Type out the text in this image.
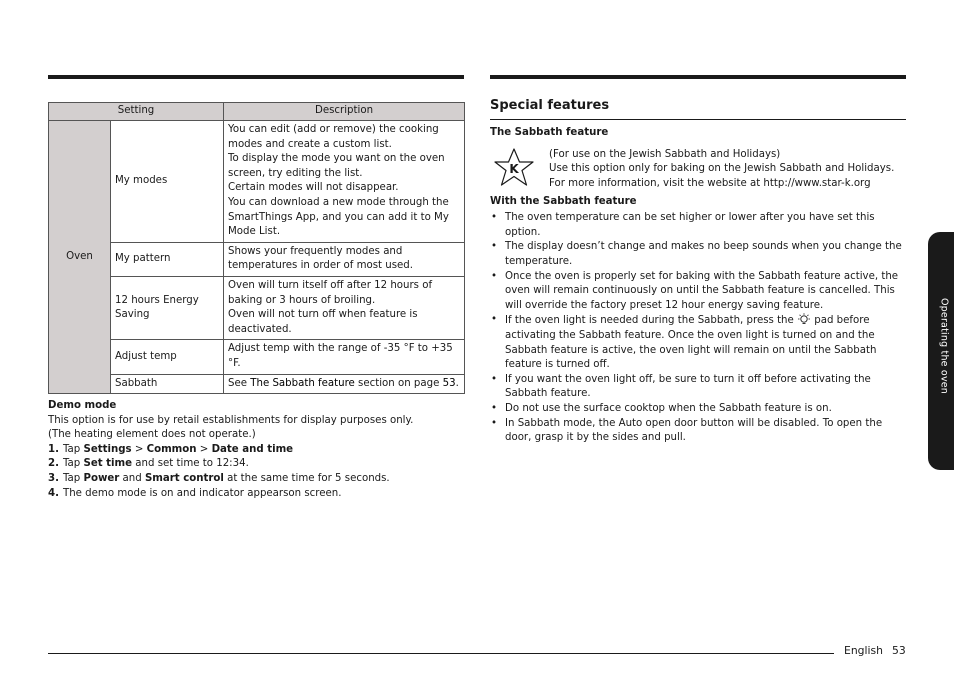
Setting		Description
Oven	My modes	You can edit (add or remove) the cooking modes and create a custom list.
To display the mode you want on the oven screen, try editing the list.
Certain modes will not disappear.
You can download a new mode through the SmartThings App, and you can add it to My Mode List.

	My pattern	Shows your frequently modes and temperatures in order of most used.

	12 hours Energy Saving	Oven will turn itself off after 12 hours of baking or 3 hours of broiling.
Oven will not turn off when feature is deactivated.

	Adjust temp	Adjust temp with the range of -35 °F to +35 °F.

	Sabbath	See The Sabbath feature section on page 53.
Demo mode
This option is for use by retail establishments for display purposes only.
(The heating element does not operate.)
1. Tap Settings > Common > Date and time
2. Tap Set time and set time to 12:34.
3. Tap Power and Smart control at the same time for 5 seconds.
4. The demo mode is on and indicator appearson screen.
Special features
The Sabbath feature
K
(For use on the Jewish Sabbath and Holidays)
Use this option only for baking on the Jewish Sabbath and Holidays.
For more information, visit the website at http://www.star-k.org
With the Sabbath feature
• The oven temperature can be set higher or lower after you have set this option.
• The display doesn’t change and makes no beep sounds when you change the temperature.
• Once the oven is properly set for baking with the Sabbath feature active, the oven will remain continuously on until the Sabbath feature is cancelled. This will override the factory preset 12 hour energy saving feature.
• If the oven light is needed during the Sabbath, press the  pad before activating the Sabbath feature. Once the oven light is turned on and the Sabbath feature is active, the oven light will remain on until the Sabbath feature is turned off.
• If you want the oven light off, be sure to turn it off before activating the Sabbath feature.
• Do not use the surface cooktop when the Sabbath feature is on.
• In Sabbath mode, the Auto open door button will be disabled. To open the door, grasp it by the sides and pull.
Operating the oven
English 53
